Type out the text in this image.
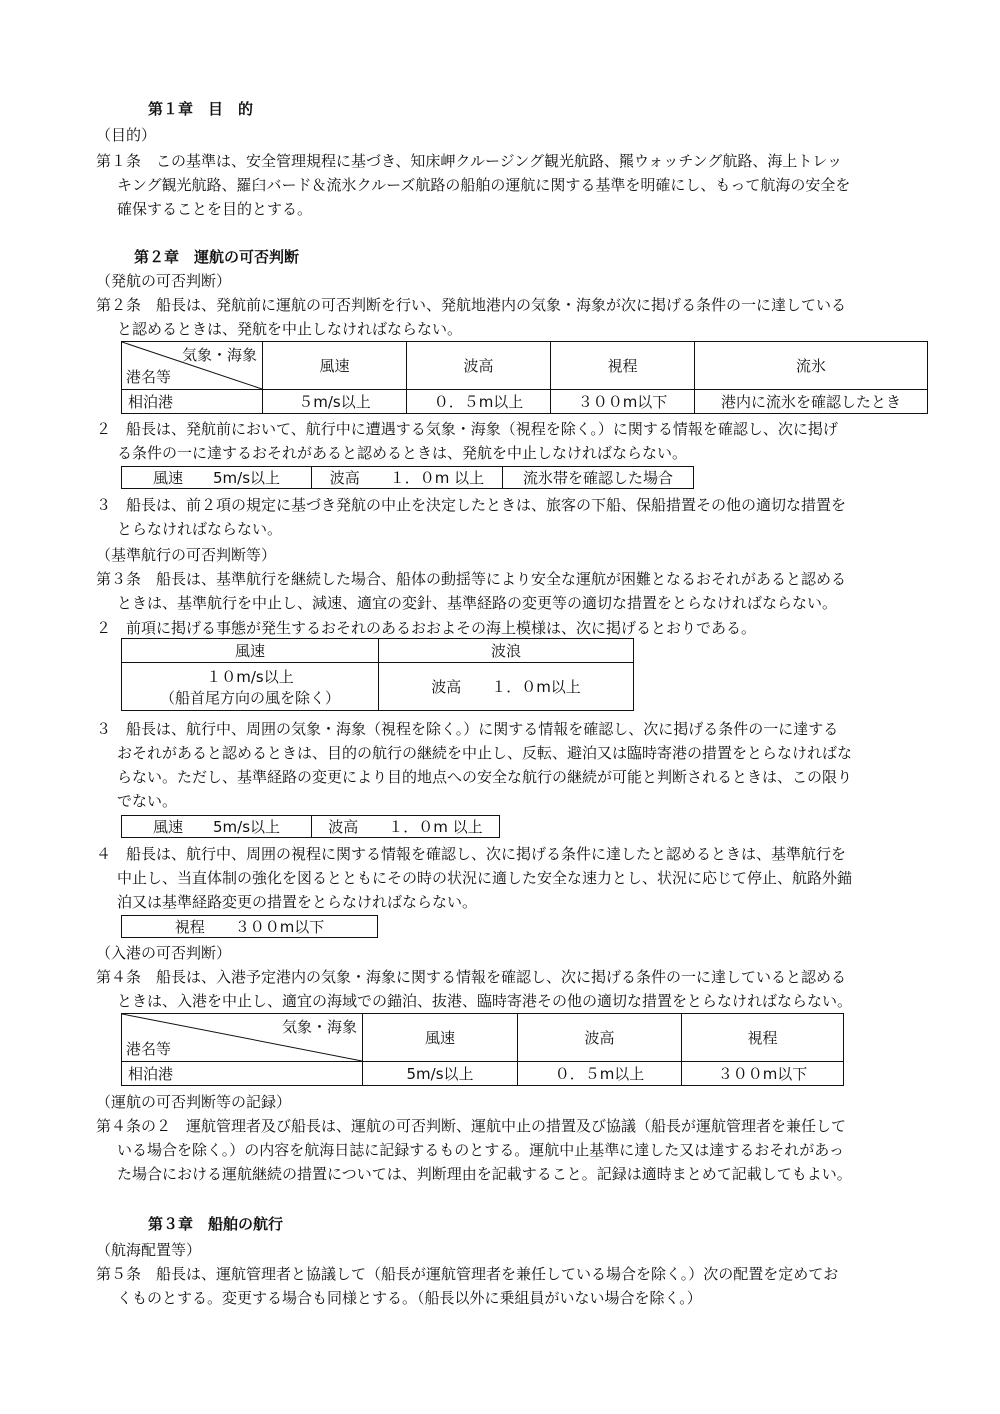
第１章　目　的
（目的）
第１条　この基準は、安全管理規程に基づき、知床岬クルージング観光航路、羆ウォッチング航路、海上トレッ
キング観光航路、羅臼バード＆流氷クルーズ航路の船舶の運航に関する基準を明確にし、もって航海の安全を
確保することを目的とする。
第２章　運航の可否判断
（発航の可否判断）
第２条　船長は、発航前に運航の可否判断を行い、発航地港内の気象・海象が次に掲げる条件の一に達している
と認めるときは、発航を中止しなければならない。
気象・海象
港名等	風速	波高	視程	流氷
相泊港	５m/s以上	０．５m以上	３００m以下	港内に流氷を確認したとき
２　船長は、発航前において、航行中に遭遇する気象・海象（視程を除く。）に関する情報を確認し、次に掲げ
る条件の一に達するおそれがあると認めるときは、発航を中止しなければならない。
風速　　5m/s以上	波高　　１．０m 以上	流氷帯を確認した場合
３　船長は、前２項の規定に基づき発航の中止を決定したときは、旅客の下船、保船措置その他の適切な措置を
とらなければならない。
（基準航行の可否判断等）
第３条　船長は、基準航行を継続した場合、船体の動揺等により安全な運航が困難となるおそれがあると認める
ときは、基準航行を中止し、減速、適宜の変針、基準経路の変更等の適切な措置をとらなければならない。
２　前項に掲げる事態が発生するおそれのあるおおよその海上模様は、次に掲げるとおりである。
風速	波浪

１０m/s以上
（船首尾方向の風を除く）	波高　　１．０m以上
３　船長は、航行中、周囲の気象・海象（視程を除く。）に関する情報を確認し、次に掲げる条件の一に達する
おそれがあると認めるときは、目的の航行の継続を中止し、反転、避泊又は臨時寄港の措置をとらなければな
らない。ただし、基準経路の変更により目的地点への安全な航行の継続が可能と判断されるときは、この限り
でない。
風速　　5m/s以上	波高　　１．０m 以上
４　船長は、航行中、周囲の視程に関する情報を確認し、次に掲げる条件に達したと認めるときは、基準航行を
中止し、当直体制の強化を図るとともにその時の状況に適した安全な速力とし、状況に応じて停止、航路外錨
泊又は基準経路変更の措置をとらなければならない。
視程　　３００m以下
（入港の可否判断）
第４条　船長は、入港予定港内の気象・海象に関する情報を確認し、次に掲げる条件の一に達していると認める
ときは、入港を中止し、適宜の海域での錨泊、抜港、臨時寄港その他の適切な措置をとらなければならない。
気象・海象
港名等	風速	波高	視程
相泊港	5m/s以上	０．５m以上	３００m以下
（運航の可否判断等の記録）
第４条の２　運航管理者及び船長は、運航の可否判断、運航中止の措置及び協議（船長が運航管理者を兼任して
いる場合を除く。）の内容を航海日誌に記録するものとする。運航中止基準に達した又は達するおそれがあっ
た場合における運航継続の措置については、判断理由を記載すること。記録は適時まとめて記載してもよい。
第３章　船舶の航行
（航海配置等）
第５条　船長は、運航管理者と協議して（船長が運航管理者を兼任している場合を除く。）次の配置を定めてお
くものとする。変更する場合も同様とする。（船長以外に乗組員がいない場合を除く。）
